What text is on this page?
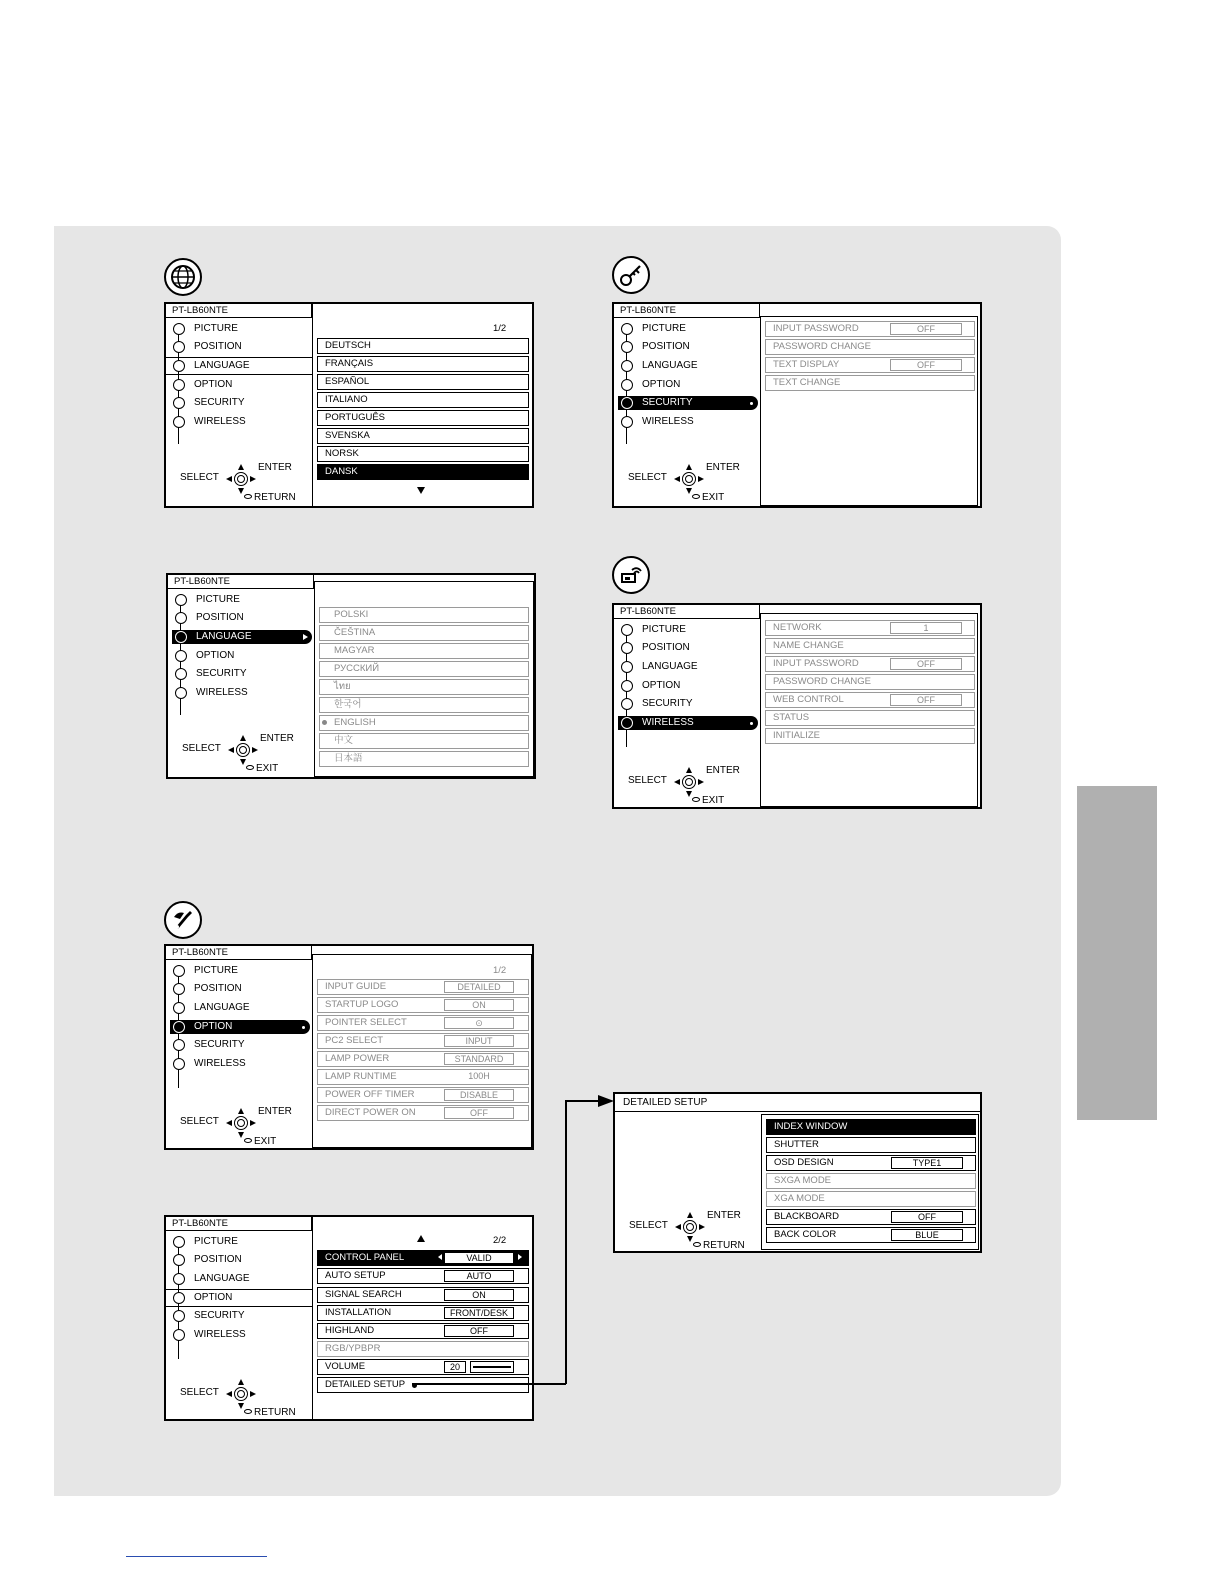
PT-LB60NTE
PICTURE
POSITION
LANGUAGE
OPTION
SECURITY
WIRELESS
SELECT
ENTER
RETURN
1/2
DEUTSCH
FRANÇAIS
ESPAÑOL
ITALIANO
PORTUGUÊS
SVENSKA
NORSK
DANSK
PT-LB60NTE
PICTURE
POSITION
LANGUAGE
OPTION
SECURITY
WIRELESS
SELECT
ENTER
EXIT
POLSKI
ČEŠTINA
MAGYAR
РУССКИЙ
ไทย
한국어
ENGLISH
中文
日本語
PT-LB60NTE
PICTURE
POSITION
LANGUAGE
OPTION
SECURITY
WIRELESS
SELECT
ENTER
EXIT
INPUT PASSWORD	OFF
PASSWORD CHANGE
TEXT DISPLAY	OFF
TEXT CHANGE
PT-LB60NTE
PICTURE
POSITION
LANGUAGE
OPTION
SECURITY
WIRELESS
SELECT
ENTER
EXIT
NETWORK	1
NAME CHANGE
INPUT PASSWORD	OFF
PASSWORD CHANGE
WEB CONTROL	OFF
STATUS
INITIALIZE
PT-LB60NTE
PICTURE
POSITION
LANGUAGE
OPTION
SECURITY
WIRELESS
SELECT
ENTER
EXIT
1/2
INPUT GUIDE	DETAILED
STARTUP LOGO	ON
POINTER SELECT	⊙
PC2 SELECT	INPUT
LAMP POWER	STANDARD
LAMP RUNTIME	100H
POWER OFF TIMER	DISABLE
DIRECT POWER ON	OFF
PT-LB60NTE
PICTURE
POSITION
LANGUAGE
OPTION
SECURITY
WIRELESS
SELECT
RETURN
2/2
CONTROL PANEL	VALID
AUTO SETUP	AUTO
SIGNAL SEARCH	ON
INSTALLATION	FRONT/DESK
HIGHLAND	OFF
RGB/YPBPR
VOLUME	20
DETAILED SETUP
DETAILED SETUP
SELECT
ENTER
RETURN
INDEX WINDOW
SHUTTER
OSD DESIGN	TYPE1
SXGA MODE
XGA MODE
BLACKBOARD	OFF
BACK COLOR	BLUE
